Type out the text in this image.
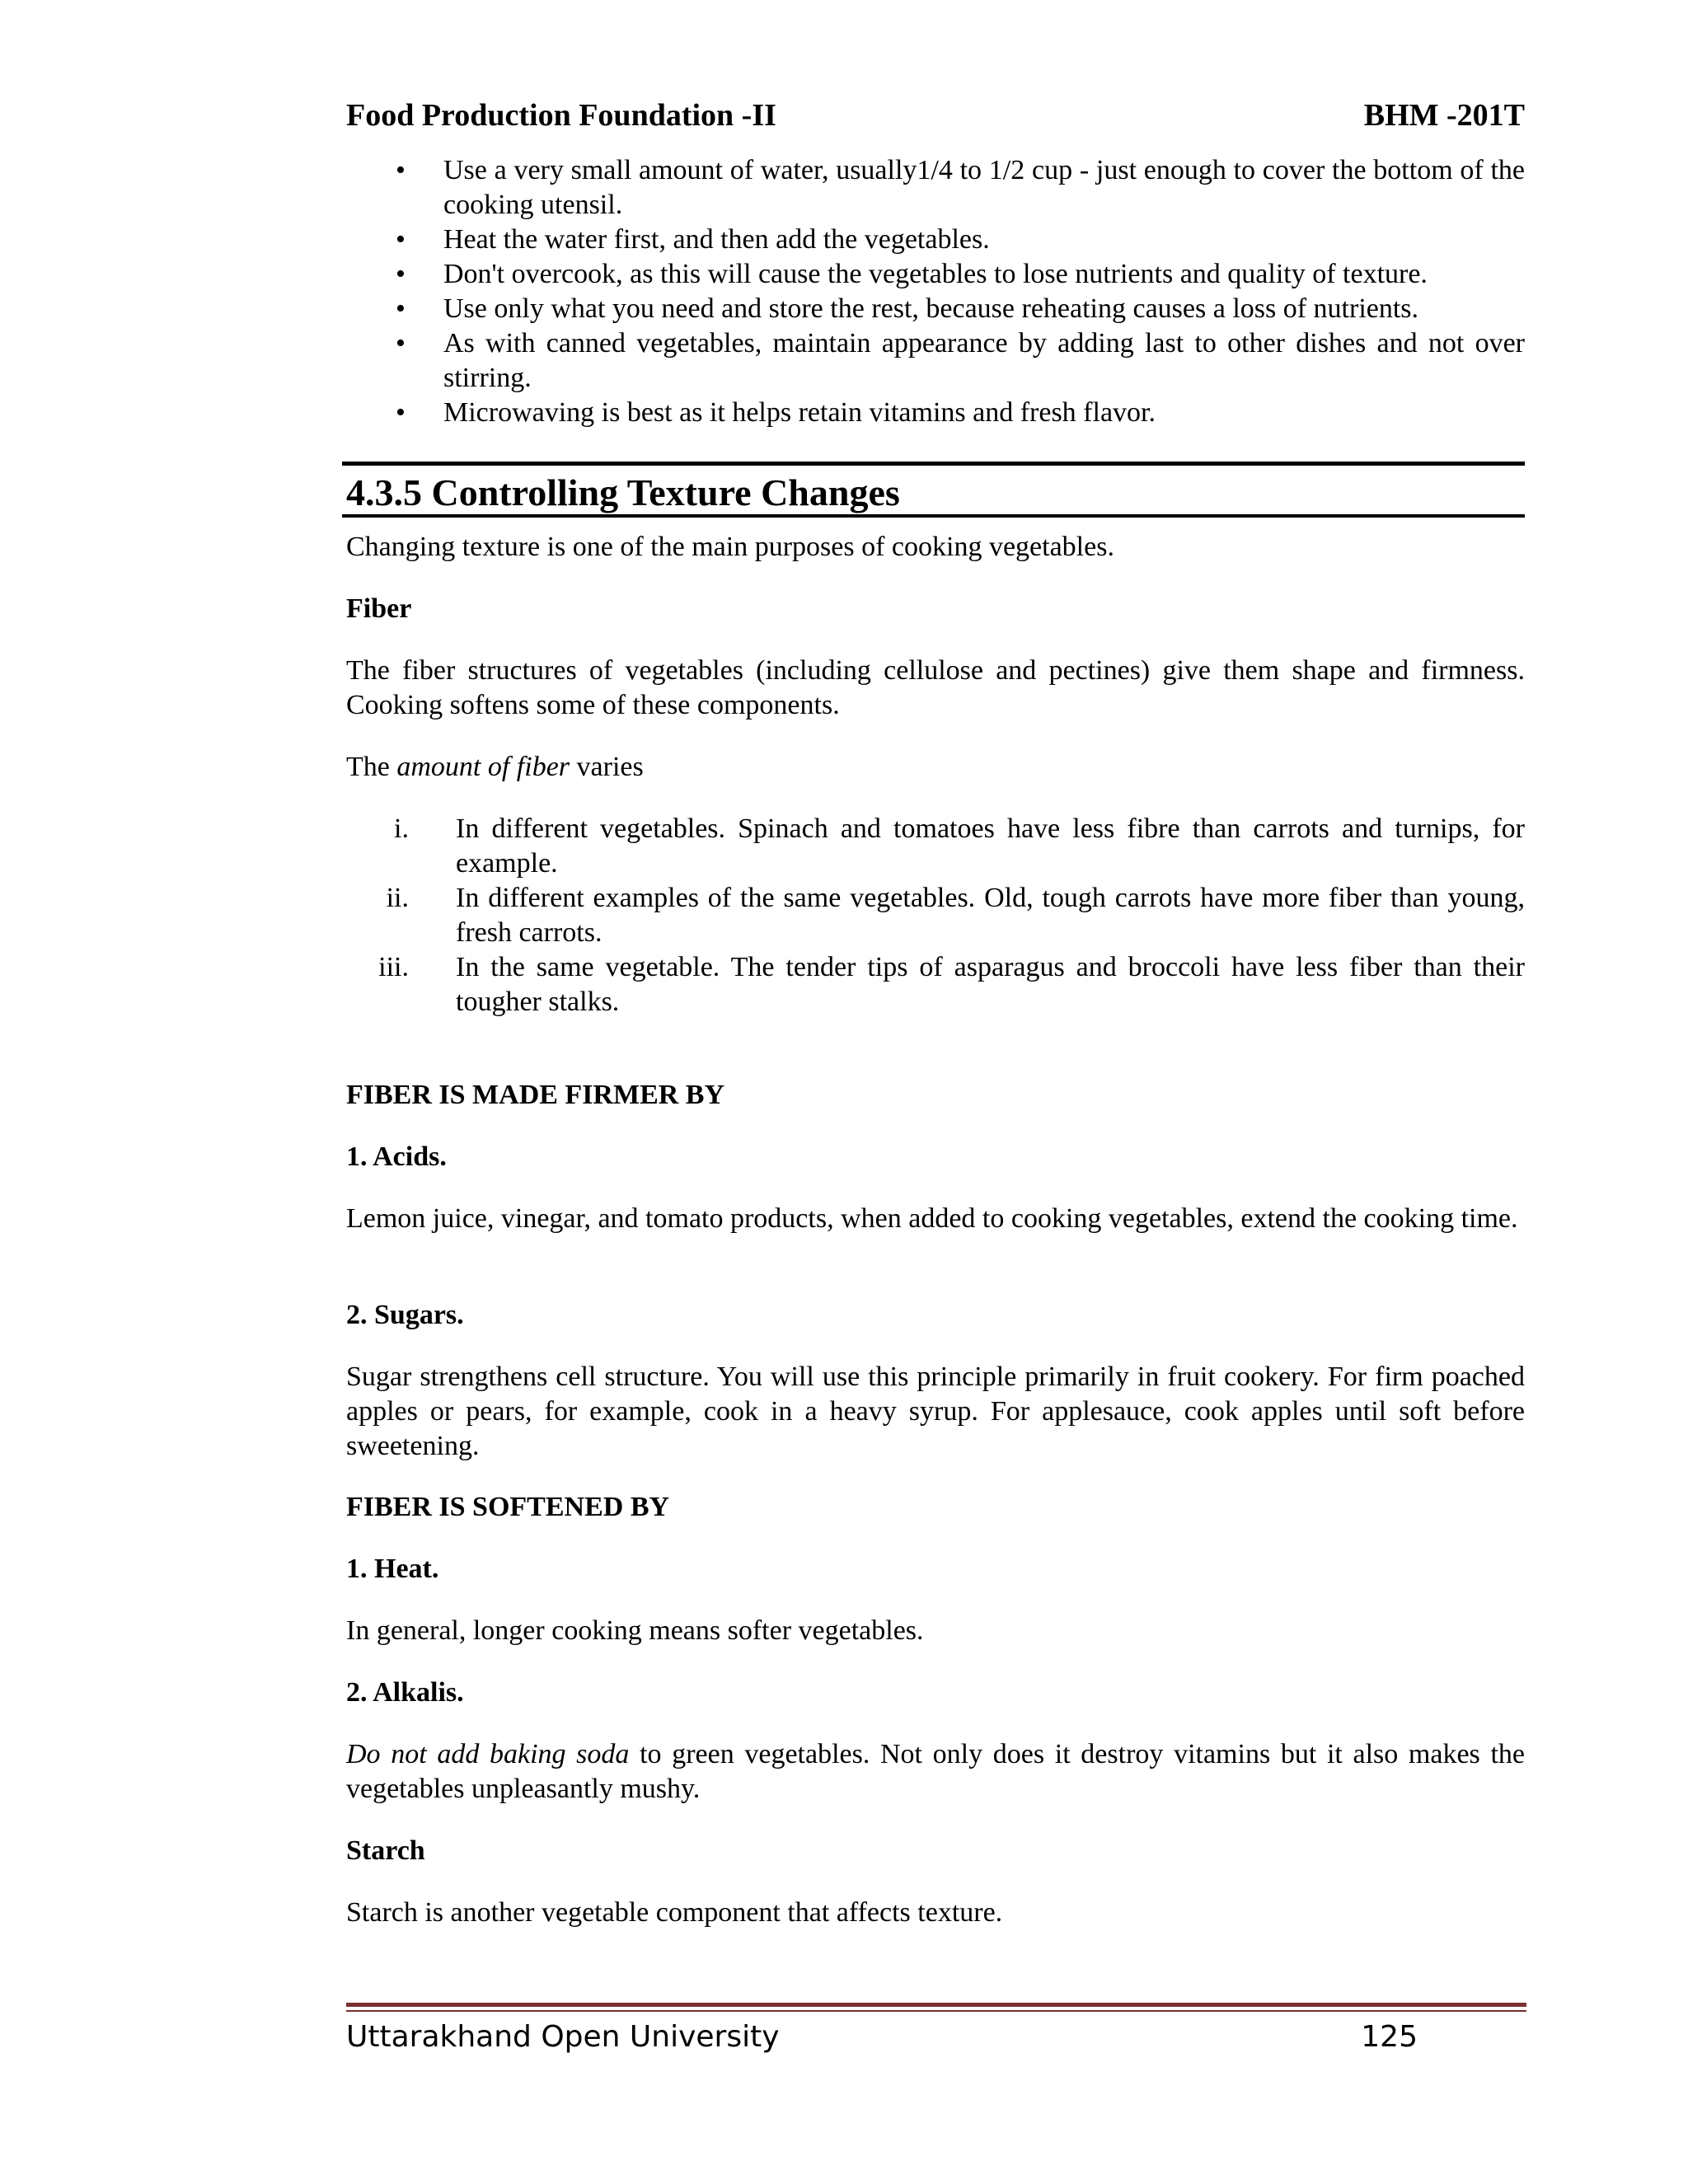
Food Production Foundation -II	BHM -201T
• Use a very small amount of water, usually1/4 to 1/2 cup - just enough to cover the bottom of the cooking utensil.
• Heat the water first, and then add the vegetables.
• Don't overcook, as this will cause the vegetables to lose nutrients and quality of texture.
• Use only what you need and store the rest, because reheating causes a loss of nutrients.
• As with canned vegetables, maintain appearance by adding last to other dishes and not over stirring.
• Microwaving is best as it helps retain vitamins and fresh flavor.
4.3.5 Controlling Texture Changes
Changing texture is one of the main purposes of cooking vegetables.
Fiber
The fiber structures of vegetables (including cellulose and pectines) give them shape and firmness. Cooking softens some of these components.
The amount of fiber varies
i. In different vegetables. Spinach and tomatoes have less fibre than carrots and turnips, for example.
ii. In different examples of the same vegetables. Old, tough carrots have more fiber than young, fresh carrots.
iii. In the same vegetable. The tender tips of asparagus and broccoli have less fiber than their tougher stalks.
FIBER IS MADE FIRMER BY
1. Acids.
Lemon juice, vinegar, and tomato products, when added to cooking vegetables, extend the cooking time.
2. Sugars.
Sugar strengthens cell structure. You will use this principle primarily in fruit cookery. For firm poached apples or pears, for example, cook in a heavy syrup. For applesauce, cook apples until soft before sweetening.
FIBER IS SOFTENED BY
1. Heat.
In general, longer cooking means softer vegetables.
2. Alkalis.
Do not add baking soda to green vegetables. Not only does it destroy vitamins but it also makes the vegetables unpleasantly mushy.
Starch
Starch is another vegetable component that affects texture.
Uttarakhand Open University	125
